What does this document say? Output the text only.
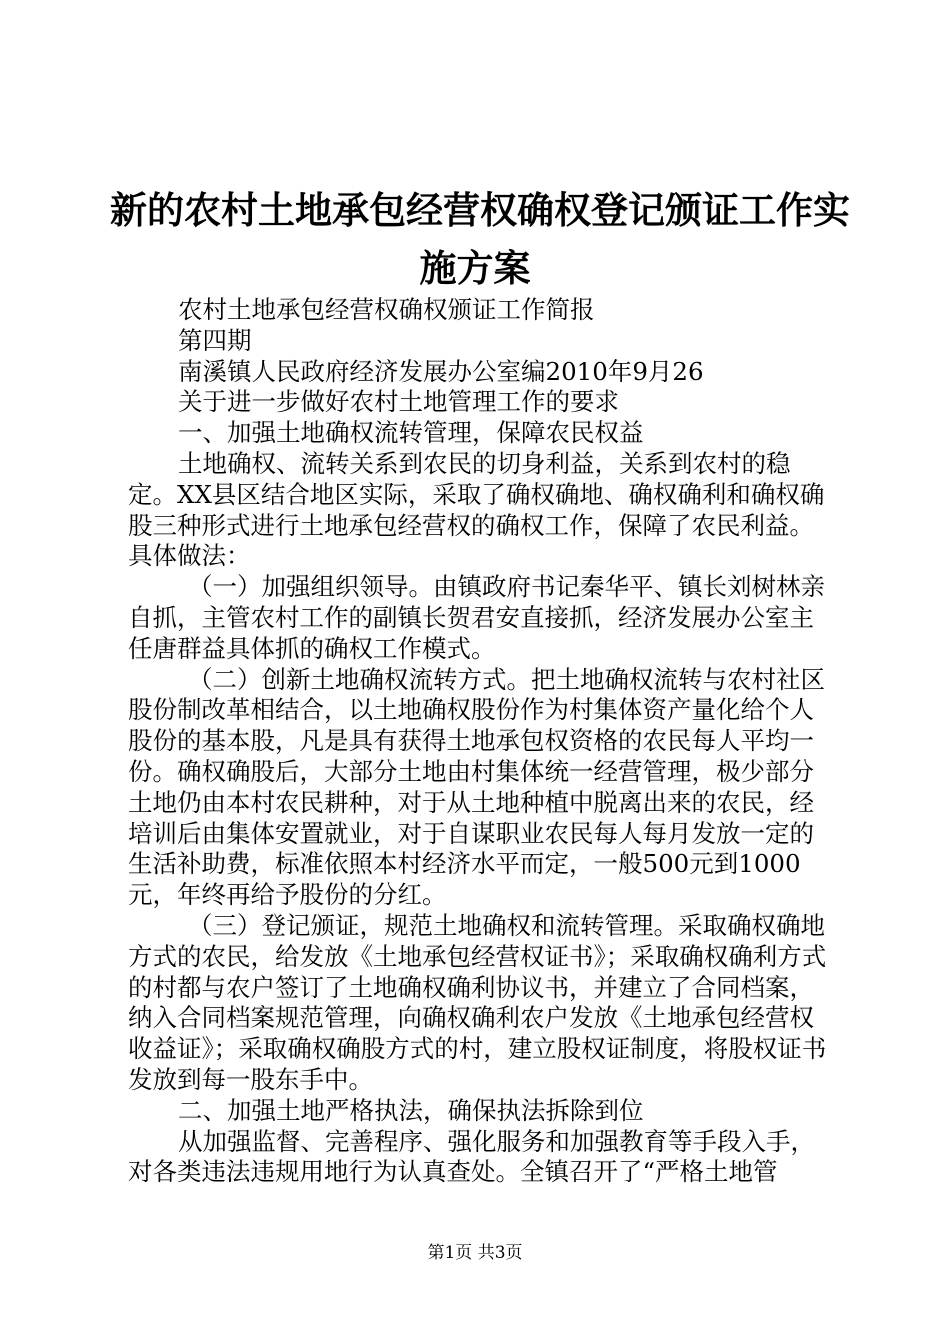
新的农村土地承包经营权确权登记颁证工作实
施方案

农村土地承包经营权确权颁证工作简报

第四期

南溪镇人民政府经济发展办公室编2010年9月26

关于进一步做好农村土地管理工作的要求

一、加强土地确权流转管理，保障农民权益

土地确权、流转关系到农民的切身利益，关系到农村的稳定。XX县区结合地区实际，采取了确权确地、确权确利和确权确股三种形式进行土地承包经营权的确权工作，保障了农民利益。具体做法：

（一）加强组织领导。由镇政府书记秦华平、镇长刘树林亲自抓，主管农村工作的副镇长贺君安直接抓，经济发展办公室主任唐群益具体抓的确权工作模式。

（二）创新土地确权流转方式。把土地确权流转与农村社区股份制改革相结合，以土地确权股份作为村集体资产量化给个人股份的基本股，凡是具有获得土地承包权资格的农民每人平均一份。确权确股后，大部分土地由村集体统一经营管理，极少部分土地仍由本村农民耕种，对于从土地种植中脱离出来的农民，经培训后由集体安置就业，对于自谋职业农民每人每月发放一定的生活补助费，标准依照本村经济水平而定，一般500元到1000元，年终再给予股份的分红。

（三）登记颁证，规范土地确权和流转管理。采取确权确地方式的农民，给发放《土地承包经营权证书》；采取确权确利方式的村都与农户签订了土地确权确利协议书，并建立了合同档案，纳入合同档案规范管理，向确权确利农户发放《土地承包经营权收益证》；采取确权确股方式的村，建立股权证制度，将股权证书发放到每一股东手中。

二、加强土地严格执法，确保执法拆除到位

从加强监督、完善程序、强化服务和加强教育等手段入手，对各类违法违规用地行为认真查处。全镇召开了“严格土地管

第1页 共3页
